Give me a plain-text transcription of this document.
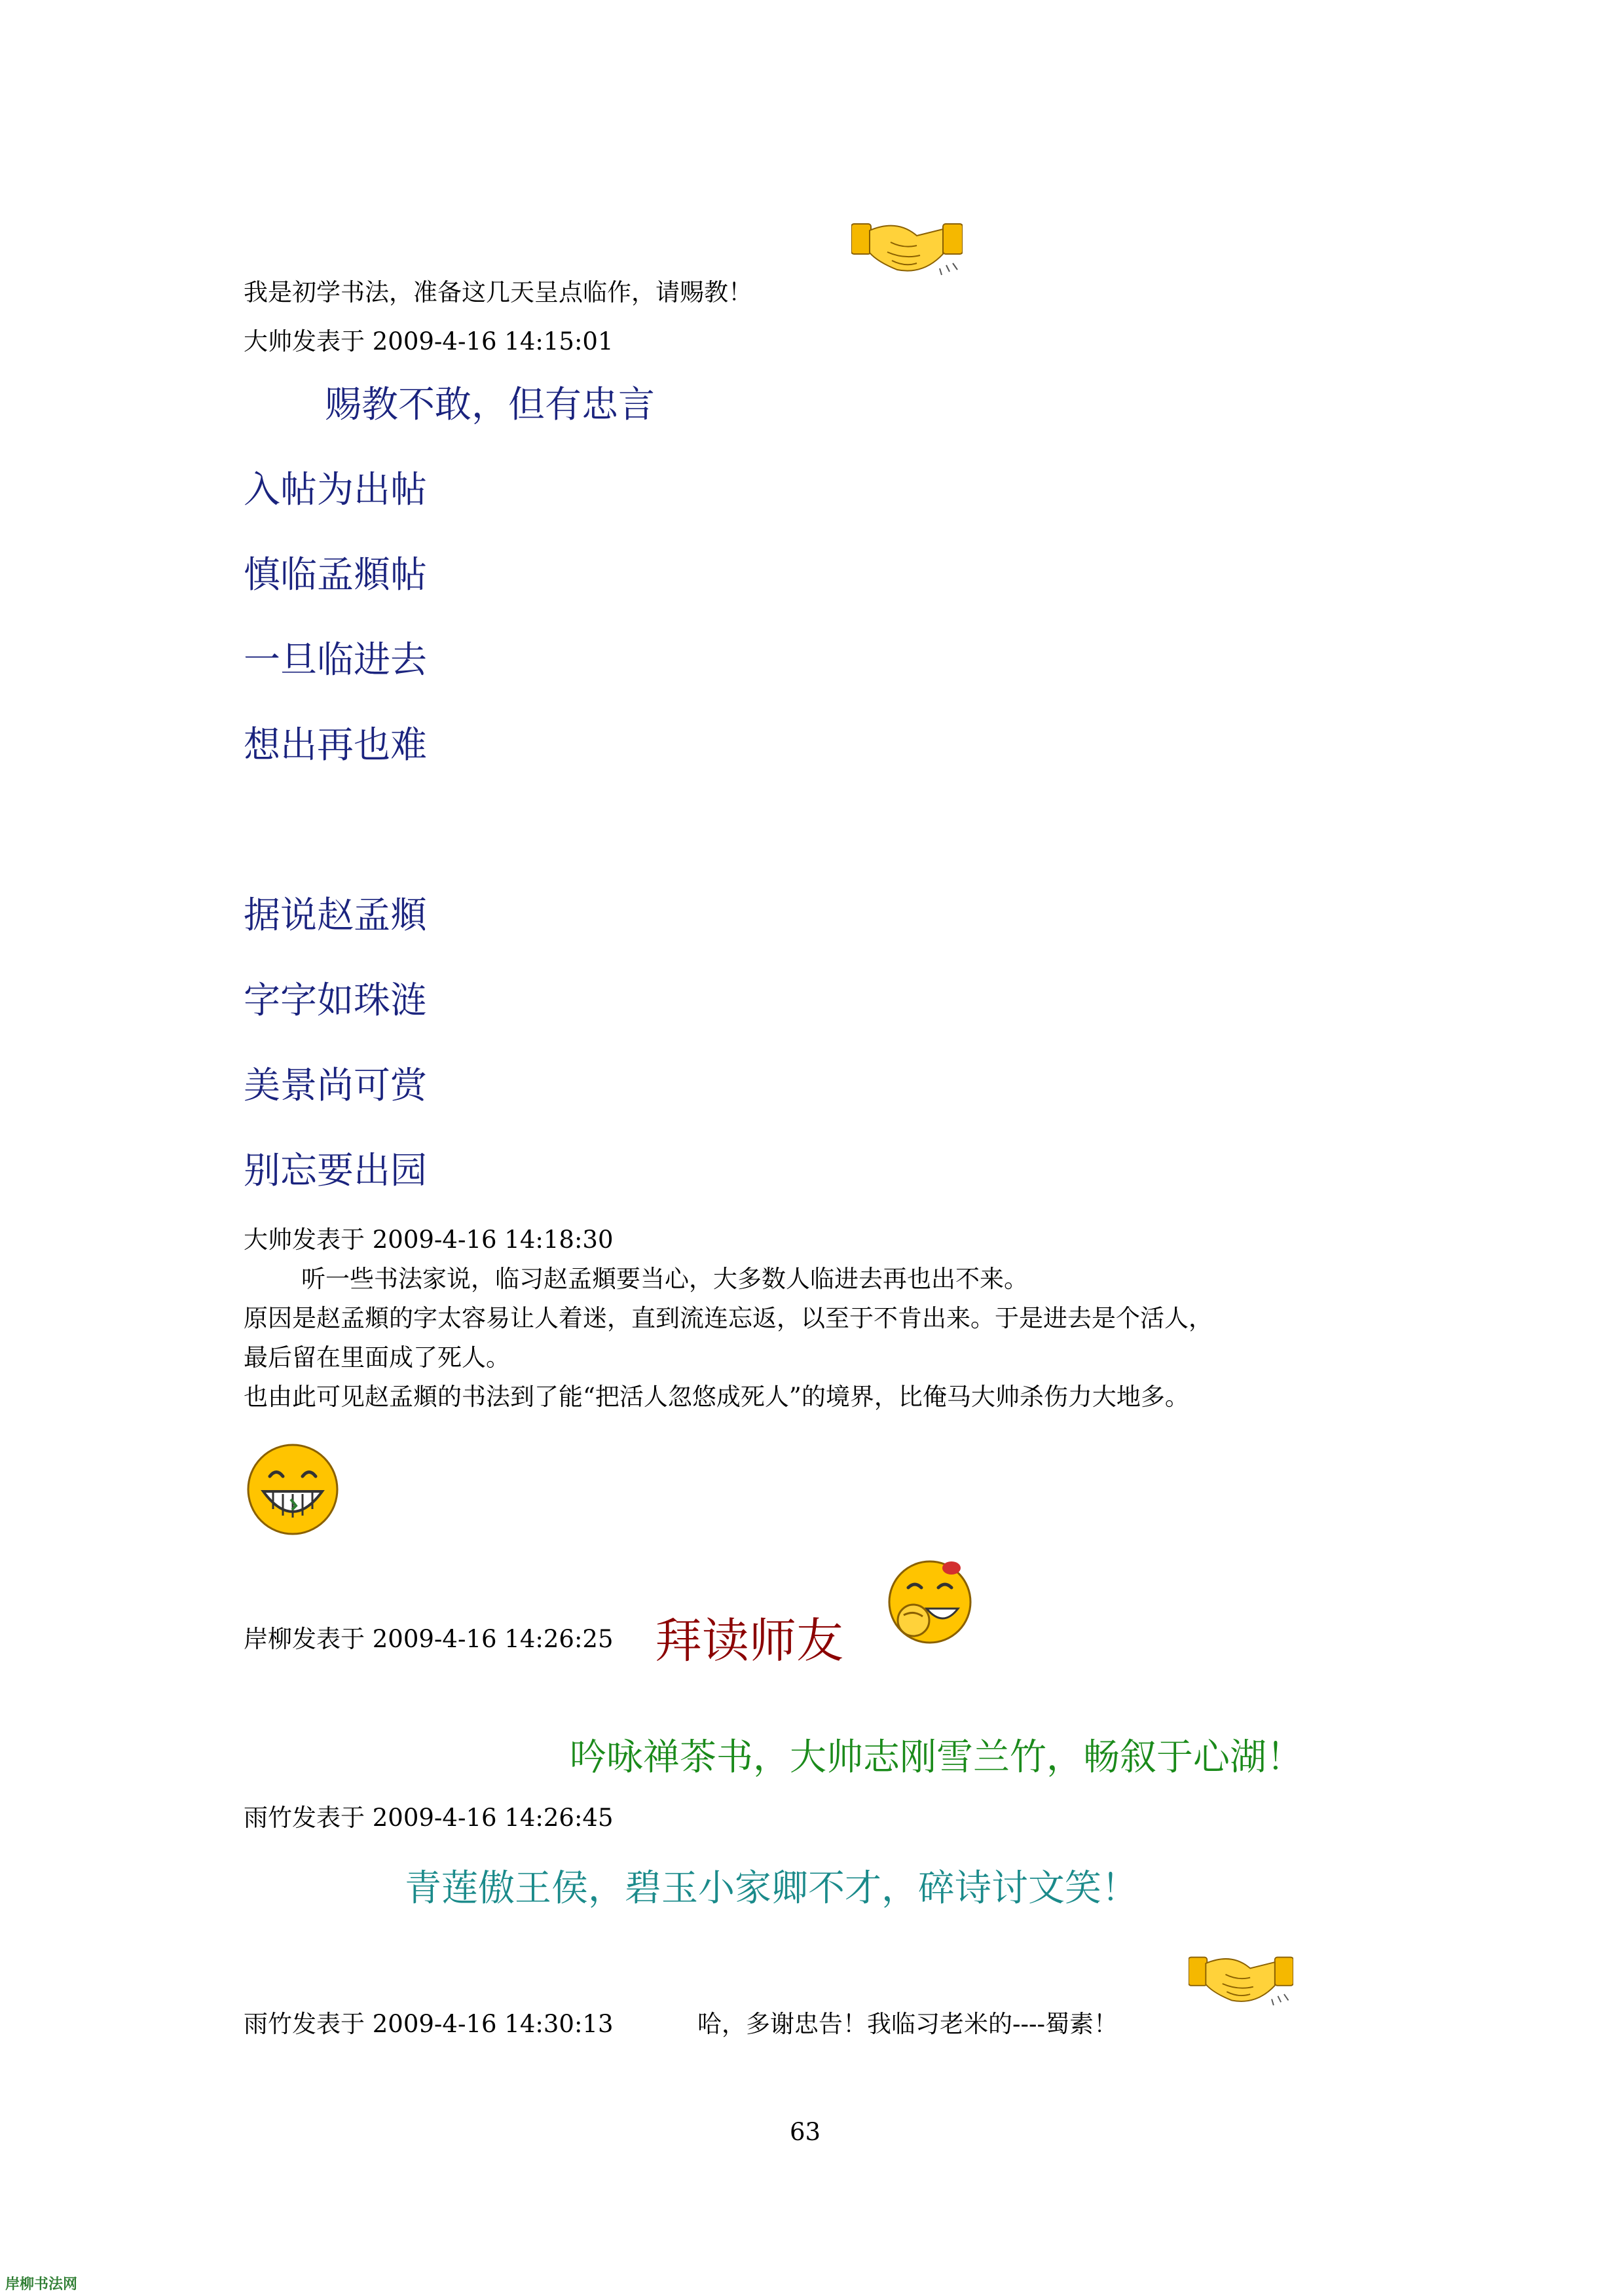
我是初学书法，准备这几天呈点临作，请赐教！
大帅发表于 2009-4-16 14:15:01
赐教不敢，但有忠言
入帖为出帖
慎临孟頫帖
一旦临进去
想出再也难
据说赵孟頫
字字如珠涟
美景尚可赏
别忘要出园
大帅发表于 2009-4-16 14:18:30
听一些书法家说，临习赵孟頫要当心，大多数人临进去再也出不来。
原因是赵孟頫的字太容易让人着迷，直到流连忘返，以至于不肯出来。于是进去是个活人，
最后留在里面成了死人。
也由此可见赵孟頫的书法到了能“把活人忽悠成死人”的境界，比俺马大帅杀伤力大地多。
岸柳发表于 2009-4-16 14:26:25 拜读师友
吟咏禅茶书，大帅志刚雪兰竹，畅叙于心湖！
雨竹发表于 2009-4-16 14:26:45
青莲傲王侯，碧玉小家卿不才，碎诗讨文笑！
雨竹发表于 2009-4-16 14:30:13	哈，多谢忠告！我临习老米的----蜀素！
63
岸柳书法网
